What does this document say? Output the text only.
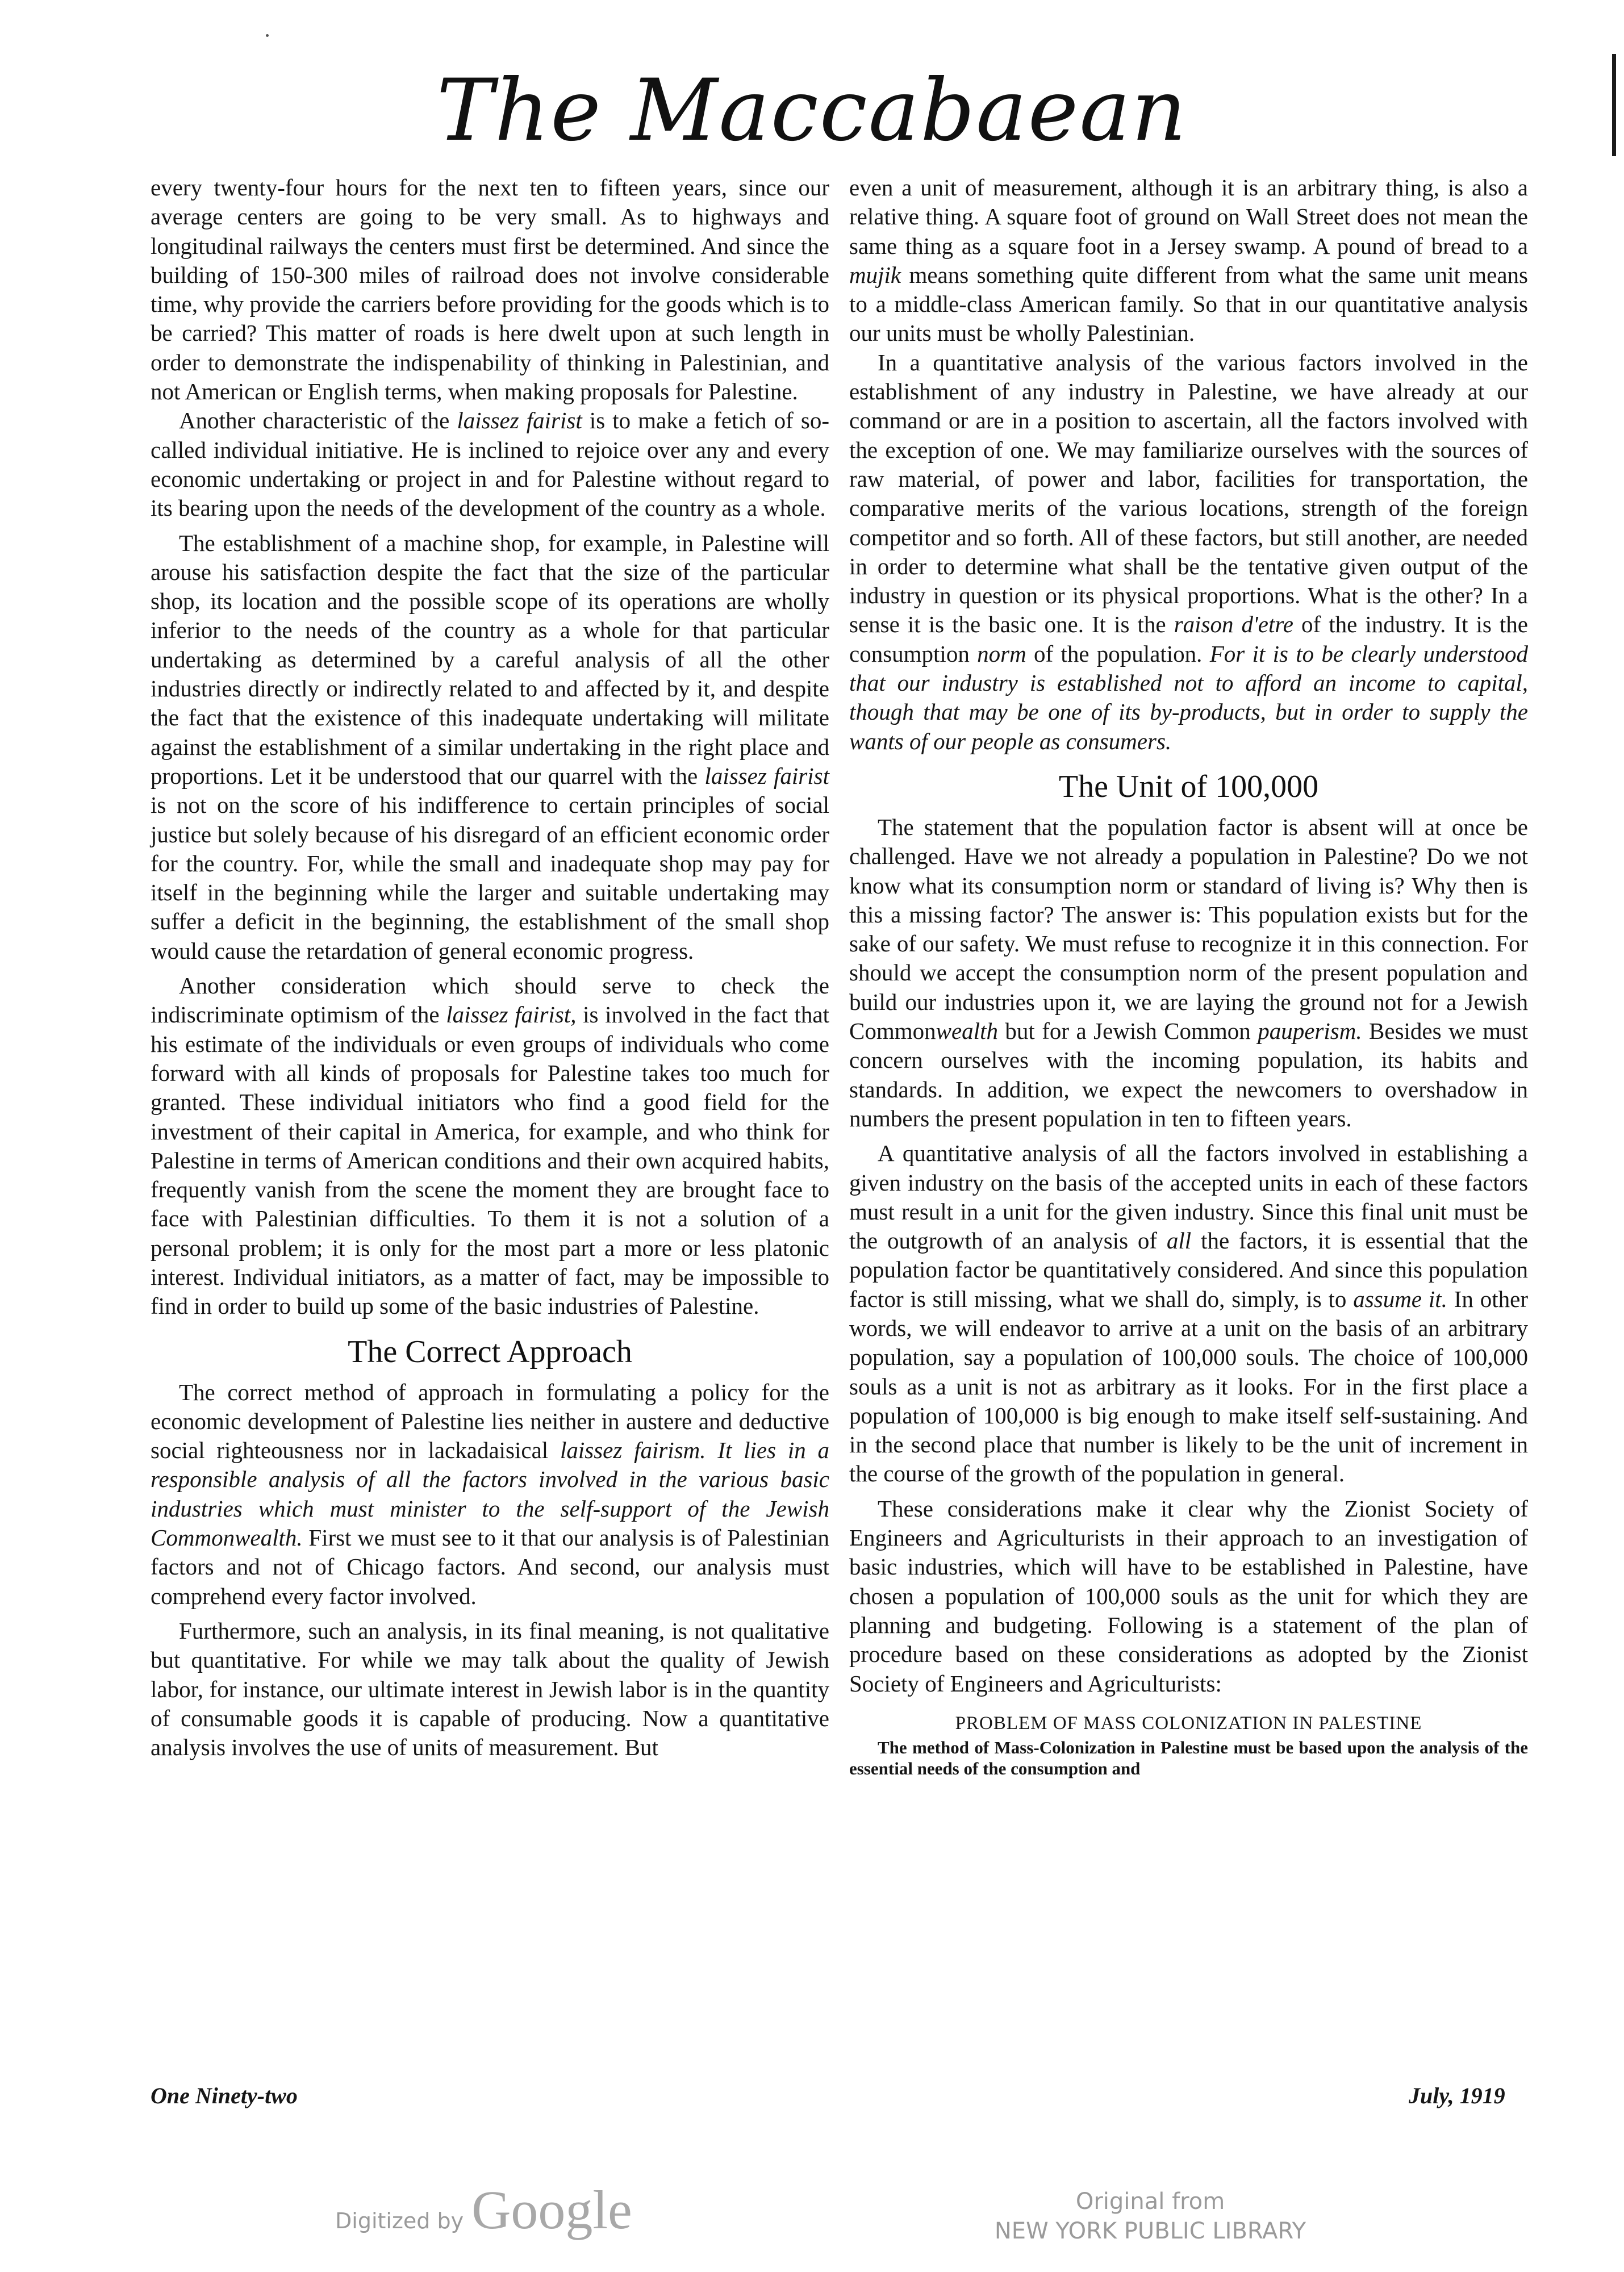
The Maccabaean

every twenty-four hours for the next ten to fifteen years, since our average centers are going to be very small. As to highways and longitudinal railways the centers must first be determined. And since the building of 150-300 miles of railroad does not involve considerable time, why provide the carriers before providing for the goods which is to be carried? This matter of roads is here dwelt upon at such length in order to demonstrate the indispenability of thinking in Palestinian, and not American or English terms, when making proposals for Palestine.

Another characteristic of the laissez fairist is to make a fetich of so-called individual initiative. He is inclined to rejoice over any and every economic undertaking or project in and for Palestine without regard to its bearing upon the needs of the development of the country as a whole.

The establishment of a machine shop, for example, in Palestine will arouse his satisfaction despite the fact that the size of the particular shop, its location and the possible scope of its operations are wholly inferior to the needs of the country as a whole for that particular undertaking as determined by a careful analysis of all the other industries directly or indirectly related to and affected by it, and despite the fact that the existence of this inadequate undertaking will militate against the establishment of a similar undertaking in the right place and proportions. Let it be understood that our quarrel with the laissez fairist is not on the score of his indifference to certain principles of social justice but solely because of his disregard of an efficient economic order for the country. For, while the small and inadequate shop may pay for itself in the beginning while the larger and suitable undertaking may suffer a deficit in the beginning, the establishment of the small shop would cause the retardation of general economic progress.

Another consideration which should serve to check the indiscriminate optimism of the laissez fairist, is involved in the fact that his estimate of the individuals or even groups of individuals who come forward with all kinds of proposals for Palestine takes too much for granted. These individual initiators who find a good field for the investment of their capital in America, for example, and who think for Palestine in terms of American conditions and their own acquired habits, frequently vanish from the scene the moment they are brought face to face with Palestinian difficulties. To them it is not a solution of a personal problem; it is only for the most part a more or less platonic interest. Individual initiators, as a matter of fact, may be impossible to find in order to build up some of the basic industries of Palestine.

The Correct Approach

The correct method of approach in formulating a policy for the economic development of Palestine lies neither in austere and deductive social righteousness nor in lackadaisical laissez fairism. It lies in a responsible analysis of all the factors involved in the various basic industries which must minister to the self-support of the Jewish Commonwealth. First we must see to it that our analysis is of Palestinian factors and not of Chicago factors. And second, our analysis must comprehend every factor involved.

Furthermore, such an analysis, in its final meaning, is not qualitative but quantitative. For while we may talk about the quality of Jewish labor, for instance, our ultimate interest in Jewish labor is in the quantity of consumable goods it is capable of producing. Now a quantitative analysis involves the use of units of measurement. But

even a unit of measurement, although it is an arbitrary thing, is also a relative thing. A square foot of ground on Wall Street does not mean the same thing as a square foot in a Jersey swamp. A pound of bread to a mujik means something quite different from what the same unit means to a middle-class American family. So that in our quantitative analysis our units must be wholly Palestinian.

In a quantitative analysis of the various factors involved in the establishment of any industry in Palestine, we have already at our command or are in a position to ascertain, all the factors involved with the exception of one. We may familiarize ourselves with the sources of raw material, of power and labor, facilities for transportation, the comparative merits of the various locations, strength of the foreign competitor and so forth. All of these factors, but still another, are needed in order to determine what shall be the tentative given output of the industry in question or its physical proportions. What is the other? In a sense it is the basic one. It is the raison d'etre of the industry. It is the consumption norm of the population. For it is to be clearly understood that our industry is established not to afford an income to capital, though that may be one of its by-products, but in order to supply the wants of our people as consumers.

The Unit of 100,000

The statement that the population factor is absent will at once be challenged. Have we not already a population in Palestine? Do we not know what its consumption norm or standard of living is? Why then is this a missing factor? The answer is: This population exists but for the sake of our safety. We must refuse to recognize it in this connection. For should we accept the consumption norm of the present population and build our industries upon it, we are laying the ground not for a Jewish Commonwealth but for a Jewish Common pauperism. Besides we must concern ourselves with the incoming population, its habits and standards. In addition, we expect the newcomers to overshadow in numbers the present population in ten to fifteen years.

A quantitative analysis of all the factors involved in establishing a given industry on the basis of the accepted units in each of these factors must result in a unit for the given industry. Since this final unit must be the outgrowth of an analysis of all the factors, it is essential that the population factor be quantitatively considered. And since this population factor is still missing, what we shall do, simply, is to assume it. In other words, we will endeavor to arrive at a unit on the basis of an arbitrary population, say a population of 100,000 souls. The choice of 100,000 souls as a unit is not as arbitrary as it looks. For in the first place a population of 100,000 is big enough to make itself self-sustaining. And in the second place that number is likely to be the unit of increment in the course of the growth of the population in general.

These considerations make it clear why the Zionist Society of Engineers and Agriculturists in their approach to an investigation of basic industries, which will have to be established in Palestine, have chosen a population of 100,000 souls as the unit for which they are planning and budgeting. Following is a statement of the plan of procedure based on these considerations as adopted by the Zionist Society of Engineers and Agriculturists:

PROBLEM OF MASS COLONIZATION IN PALESTINE

The method of Mass-Colonization in Palestine must be based upon the analysis of the essential needs of the consumption and

One Ninety-two	July, 1919
Digitized by Google	Original from
NEW YORK PUBLIC LIBRARY
